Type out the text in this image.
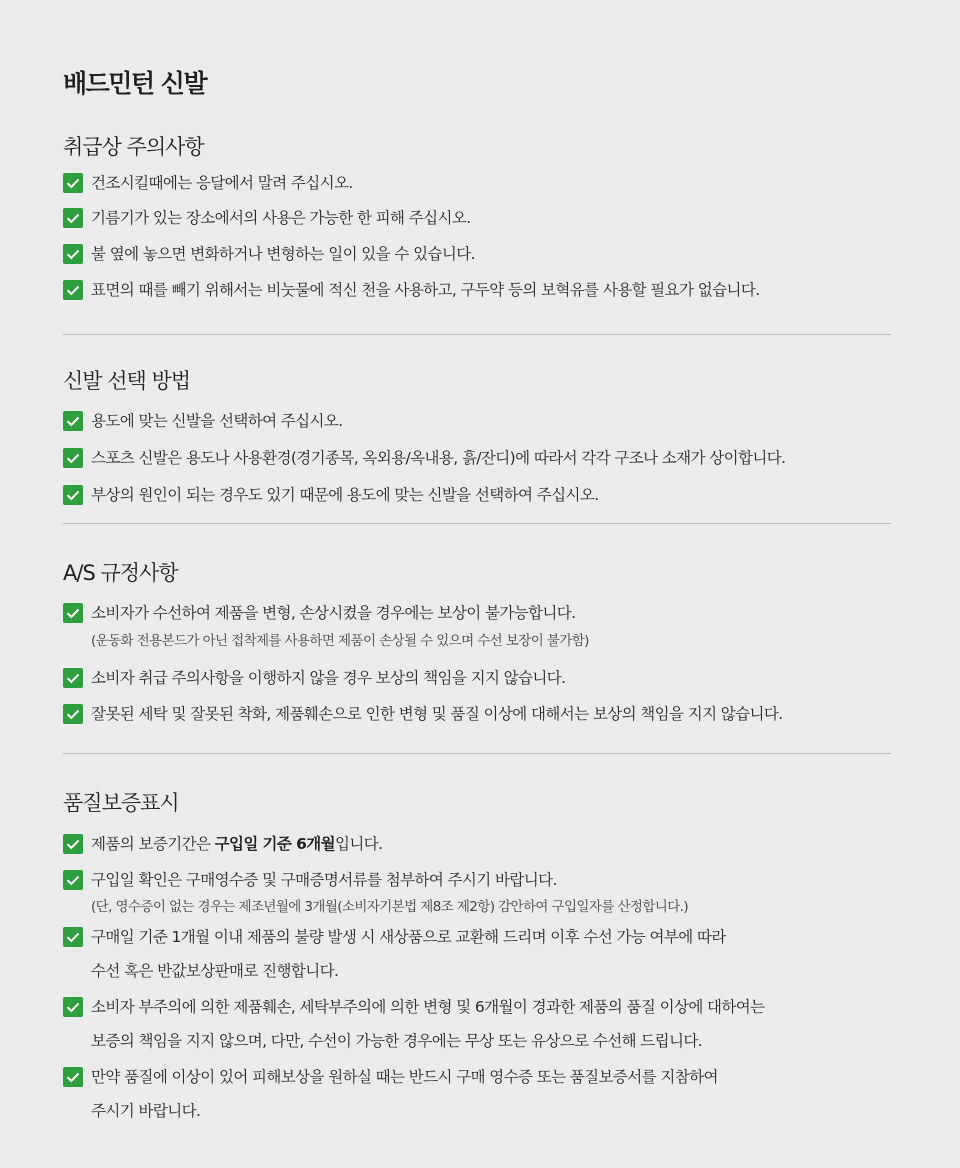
배드민턴 신발
취급상 주의사항
건조시킬때에는 응달에서 말려 주십시오.
기름기가 있는 장소에서의 사용은 가능한 한 피해 주십시오.
불 옆에 놓으면 변화하거나 변형하는 일이 있을 수 있습니다.
표면의 때를 빼기 위해서는 비눗물에 적신 천을 사용하고, 구두약 등의 보혁유를 사용할 필요가 없습니다.
신발 선택 방법
용도에 맞는 신발을 선택하여 주십시오.
스포츠 신발은 용도나 사용환경(경기종목, 옥외용/옥내용, 흙/잔디)에 따라서 각각 구조나 소재가 상이합니다.
부상의 원인이 되는 경우도 있기 때문에 용도에 맞는 신발을 선택하여 주십시오.
A/S 규정사항
소비자가 수선하여 제품을 변형, 손상시켰을 경우에는 보상이 불가능합니다.
(운동화 전용본드가 아닌 접착제를 사용하면 제품이 손상될 수 있으며 수선 보장이 불가함)
소비자 취급 주의사항을 이행하지 않을 경우 보상의 책임을 지지 않습니다.
잘못된 세탁 및 잘못된 착화, 제품훼손으로 인한 변형 및 품질 이상에 대해서는 보상의 책임을 지지 않습니다.
품질보증표시
제품의 보증기간은 구입일 기준 6개월입니다.
구입일 확인은 구매영수증 및 구매증명서류를 첨부하여 주시기 바랍니다.
(단, 영수증이 없는 경우는 제조년월에 3개월(소비자기본법 제8조 제2항) 감안하여 구입일자를 산정합니다.)
구매일 기준 1개월 이내 제품의 불량 발생 시 새상품으로 교환해 드리며 이후 수선 가능 여부에 따라
수선 혹은 반값보상판매로 진행합니다.
소비자 부주의에 의한 제품훼손, 세탁부주의에 의한 변형 및 6개월이 경과한 제품의 품질 이상에 대하여는
보증의 책임을 지지 않으며, 다만, 수선이 가능한 경우에는 무상 또는 유상으로 수선해 드립니다.
만약 품질에 이상이 있어 피해보상을 원하실 때는 반드시 구매 영수증 또는 품질보증서를 지참하여
주시기 바랍니다.
